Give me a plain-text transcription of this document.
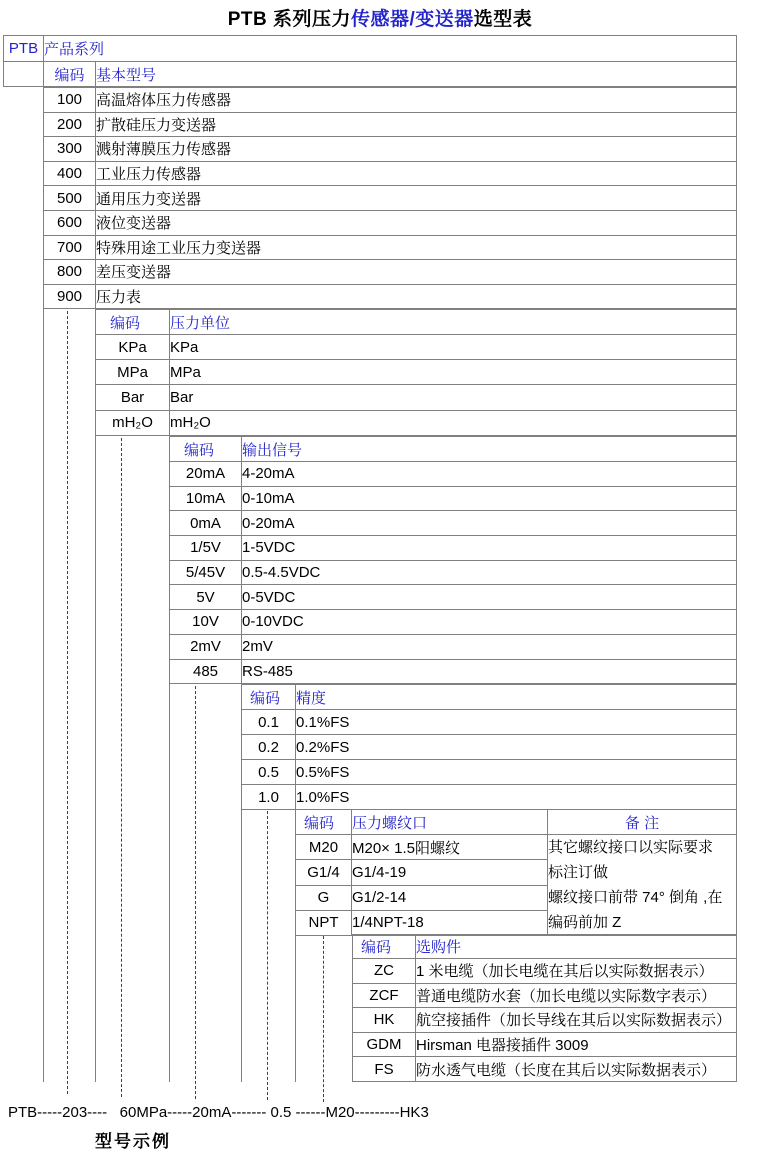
PTB 系列压力传感器/变送器选型表
PTB	产品系列	
	编码	基本型号
100	高温熔体压力传感器
200	扩散硅压力变送器
300	溅射薄膜压力传感器
400	工业压力传感器
500	通用压力变送器
600	液位变送器
700	特殊用途工业压力变送器
800	差压变送器
900	压力表
编码	压力单位
KPa	KPa
MPa	MPa
Bar	Bar
mH₂O	mH₂O
编码	输出信号
20mA	4-20mA
10mA	0-10mA
0mA	0-20mA
1/5V	1-5VDC
5/45V	0.5-4.5VDC
5V	0-5VDC
10V	0-10VDC
2mV	2mV
485	RS-485
编码	精度
0.1	0.1%FS
0.2	0.2%FS
0.5	0.5%FS
1.0	1.0%FS
编码	压力螺纹口	备 注
M20	M20× 1.5阳螺纹	其它螺纹接口以实际要求
标注订做
螺纹接口前带 74° 倒角 ,在
编码前加 Z

G1/4	G1/4-19	
G	G1/2-14	
NPT	1/4NPT-18	
编码	选购件
ZC	1 米电缆（加长电缆在其后以实际数据表示）
ZCF	普通电缆防水套（加长电缆以实际数字表示）
HK	航空接插件（加长导线在其后以实际数据表示）
GDM	Hirsman 电器接插件 3009
FS	防水透气电缆（长度在其后以实际数据表示）
PTB-----203----   60MPa-----20mA------- 0.5 ------M20---------HK3
型号示例
